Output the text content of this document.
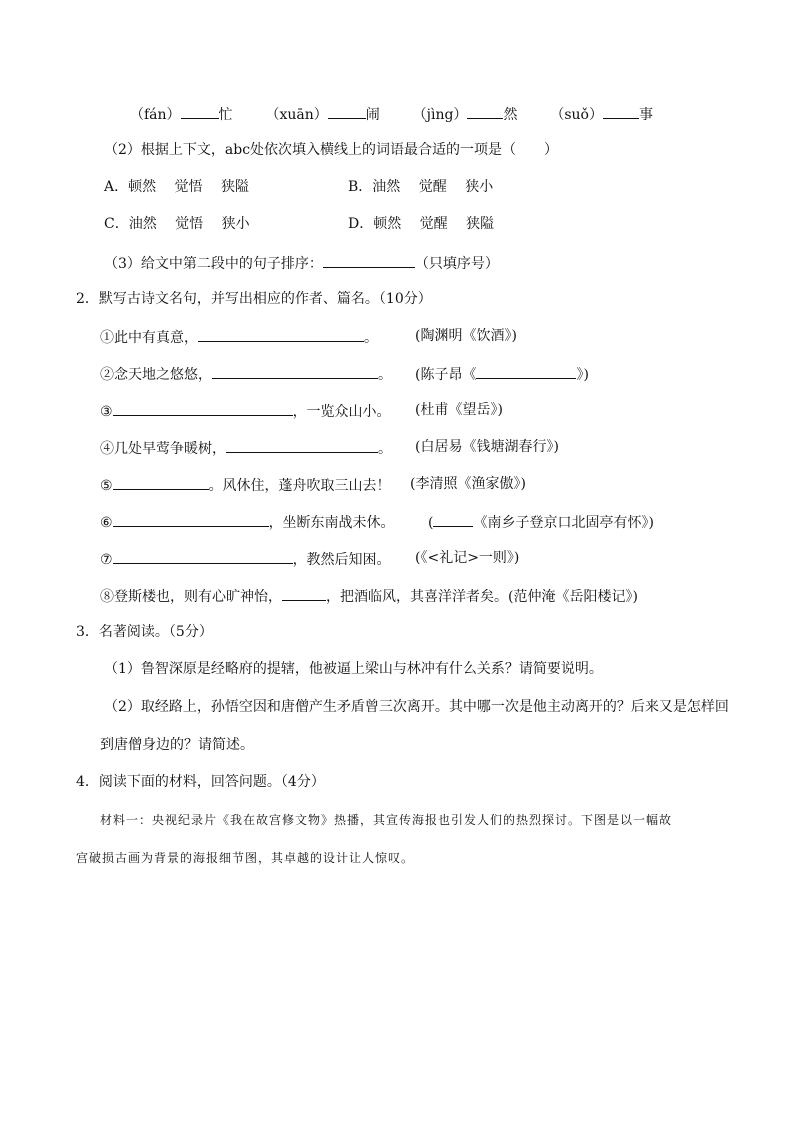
（fán）	忙 （xuān）	闹 （jìng）	然 （suǒ）	事
（2）根据上下文，abc处依次填入横线上的词语最合适的一项是（　　）
A．顿然　 觉悟　 狭隘	B．油然　 觉醒　 狭小
C．油然　 觉悟　 狭小	D．顿然　 觉醒　 狭隘
（3）给文中第二段中的句子排序：	（只填序号）
2．默写古诗文名句，并写出相应的作者、篇名。（10分）
①此中有真意，	。	(陶渊明《饮酒》)
②念天地之悠悠，	。 (陈子昂《	》)
③	，一览众山小。 (杜甫《望岳》)
④几处早莺争暖树，	。 (白居易《钱塘湖春行》)
⑤	。风休住，蓬舟吹取三山去！ (李清照《渔家傲》)
⑥	，坐断东南战未休。 (	《南乡子登京口北固亭有怀》)
⑦	，教然后知困。 (《<礼记>一则》)
⑧登斯楼也，则有心旷神怡，	，把酒临风，其喜洋洋者矣。(范仲淹《岳阳楼记》)
3．名著阅读。（5分）
（1）鲁智深原是经略府的提辖，他被逼上梁山与林冲有什么关系？请简要说明。
（2）取经路上，孙悟空因和唐僧产生矛盾曾三次离开。其中哪一次是他主动离开的？后来又是怎样回
到唐僧身边的？请简述。
4．阅读下面的材料，回答问题。（4分）
材料一：央视纪录片《我在故宫修文物》热播，其宣传海报也引发人们的热烈探讨。下图是以一幅故
宫破损古画为背景的海报细节图，其卓越的设计让人惊叹。
